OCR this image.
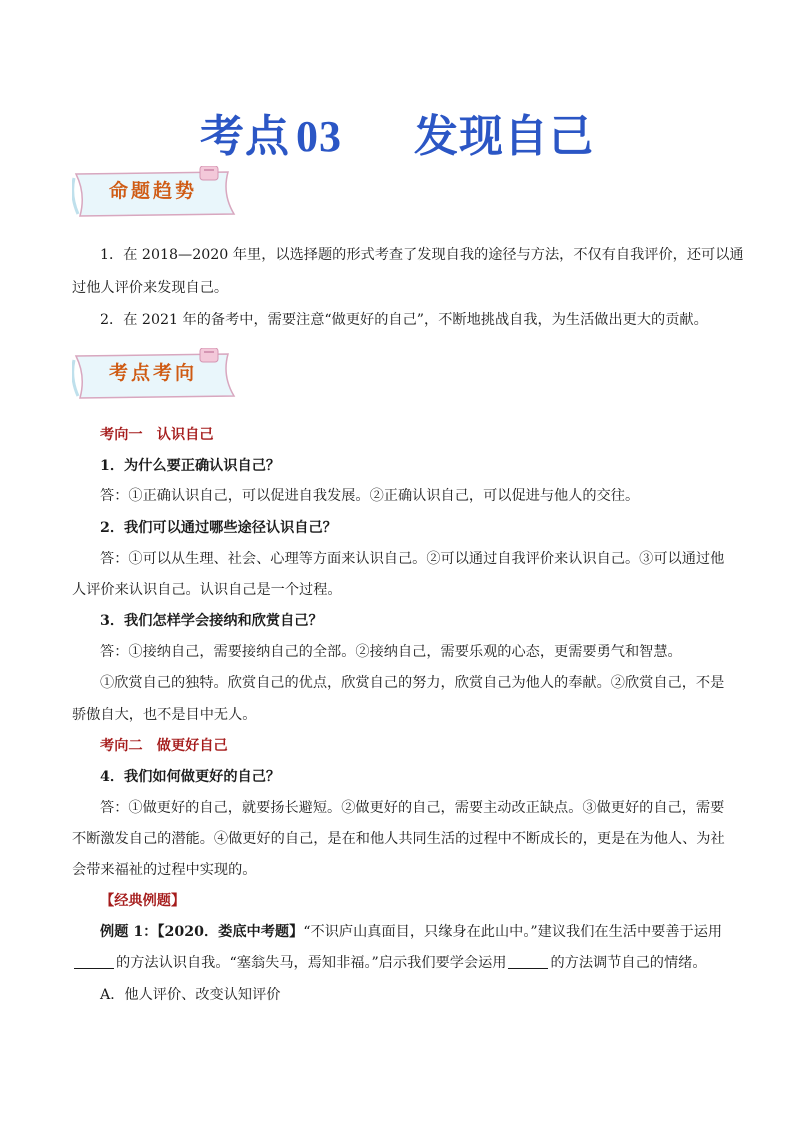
考点 03 发现自己
命题趋势
1．在 2018—2020 年里，以选择题的形式考查了发现自我的途径与方法，不仅有自我评价，还可以通
过他人评价来发现自己。
2．在 2021 年的备考中，需要注意“做更好的自己”，不断地挑战自我，为生活做出更大的贡献。
考点考向
考向一　认识自己
1．为什么要正确认识自己？
答：①正确认识自己，可以促进自我发展。②正确认识自己，可以促进与他人的交往。
2．我们可以通过哪些途径认识自己？
答：①可以从生理、社会、心理等方面来认识自己。②可以通过自我评价来认识自己。③可以通过他
人评价来认识自己。认识自己是一个过程。
3．我们怎样学会接纳和欣赏自己？
答：①接纳自己，需要接纳自己的全部。②接纳自己，需要乐观的心态，更需要勇气和智慧。
①欣赏自己的独特。欣赏自己的优点，欣赏自己的努力，欣赏自己为他人的奉献。②欣赏自己，不是
骄傲自大，也不是目中无人。
考向二　做更好自己
4．我们如何做更好的自己？
答：①做更好的自己，就要扬长避短。②做更好的自己，需要主动改正缺点。③做更好的自己，需要
不断激发自己的潜能。④做更好的自己，是在和他人共同生活的过程中不断成长的，更是在为他人、为社
会带来福祉的过程中实现的。
【经典例题】
例题 1：【2020．娄底中考题】“不识庐山真面目，只缘身在此山中。”建议我们在生活中要善于运用
的方法认识自我。“塞翁失马，焉知非福。”启示我们要学会运用	的方法调节自己的情绪。
A．他人评价、改变认知评价
